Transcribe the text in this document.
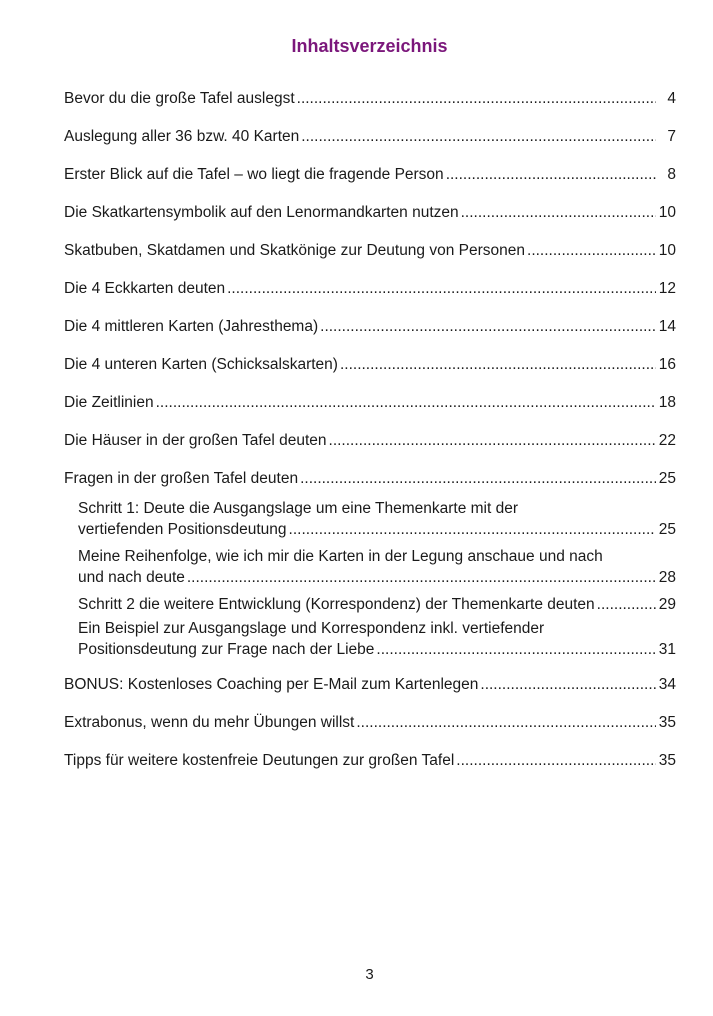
Inhaltsverzeichnis
Bevor du die große Tafel auslegst .....	4
Auslegung aller 36 bzw. 40 Karten .....	7
Erster Blick auf die Tafel – wo liegt die fragende Person .....	8
Die Skatkartensymbolik auf den Lenormandkarten nutzen .....	10
Skatbuben, Skatdamen und Skatkönige zur Deutung von Personen .....	10
Die 4 Eckkarten deuten .....	12
Die 4 mittleren Karten (Jahresthema) .....	14
Die 4 unteren Karten (Schicksalskarten) .....	16
Die Zeitlinien .....	18
Die Häuser in der großen Tafel deuten .....	22
Fragen in der großen Tafel deuten .....	25
Schritt 1: Deute die Ausgangslage um eine Themenkarte mit der
vertiefenden Positionsdeutung .....	25
Meine Reihenfolge, wie ich mir die Karten in der Legung anschaue und nach
und nach deute .....	28
Schritt 2 die weitere Entwicklung (Korrespondenz) der Themenkarte deuten .....	29
Ein Beispiel zur Ausgangslage und Korrespondenz inkl. vertiefender
Positionsdeutung zur Frage nach der Liebe .....	31
BONUS: Kostenloses Coaching per E-Mail zum Kartenlegen .....	34
Extrabonus, wenn du mehr Übungen willst .....	35
Tipps für weitere kostenfreie Deutungen zur großen Tafel .....	35
3
